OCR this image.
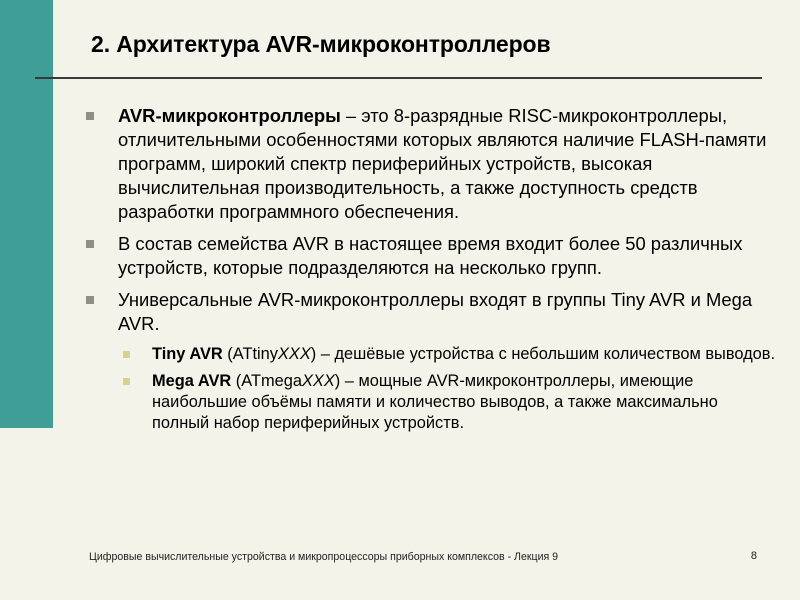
2. Архитектура AVR-микроконтроллеров
AVR-микроконтроллеры – это 8-разрядные RISC-микроконтроллеры, отличительными особенностями которых являются наличие FLASH-памяти программ, широкий спектр периферийных устройств, высокая вычислительная производительность, а также доступность средств разработки программного обеспечения.
В состав семейства AVR в настоящее время входит более 50 различных устройств, которые подразделяются на несколько групп.
Универсальные AVR-микроконтроллеры входят в группы Tiny AVR и Mega AVR.
Tiny AVR (ATtinyXXX) – дешёвые устройства с небольшим количеством выводов.
Mega AVR (ATmegaXXX) – мощные AVR-микроконтроллеры, имеющие наибольшие объёмы памяти и количество выводов, а также максимально полный набор периферийных устройств.
Цифровые вычислительные устройства и микропроцессоры приборных комплексов - Лекция 9	8
